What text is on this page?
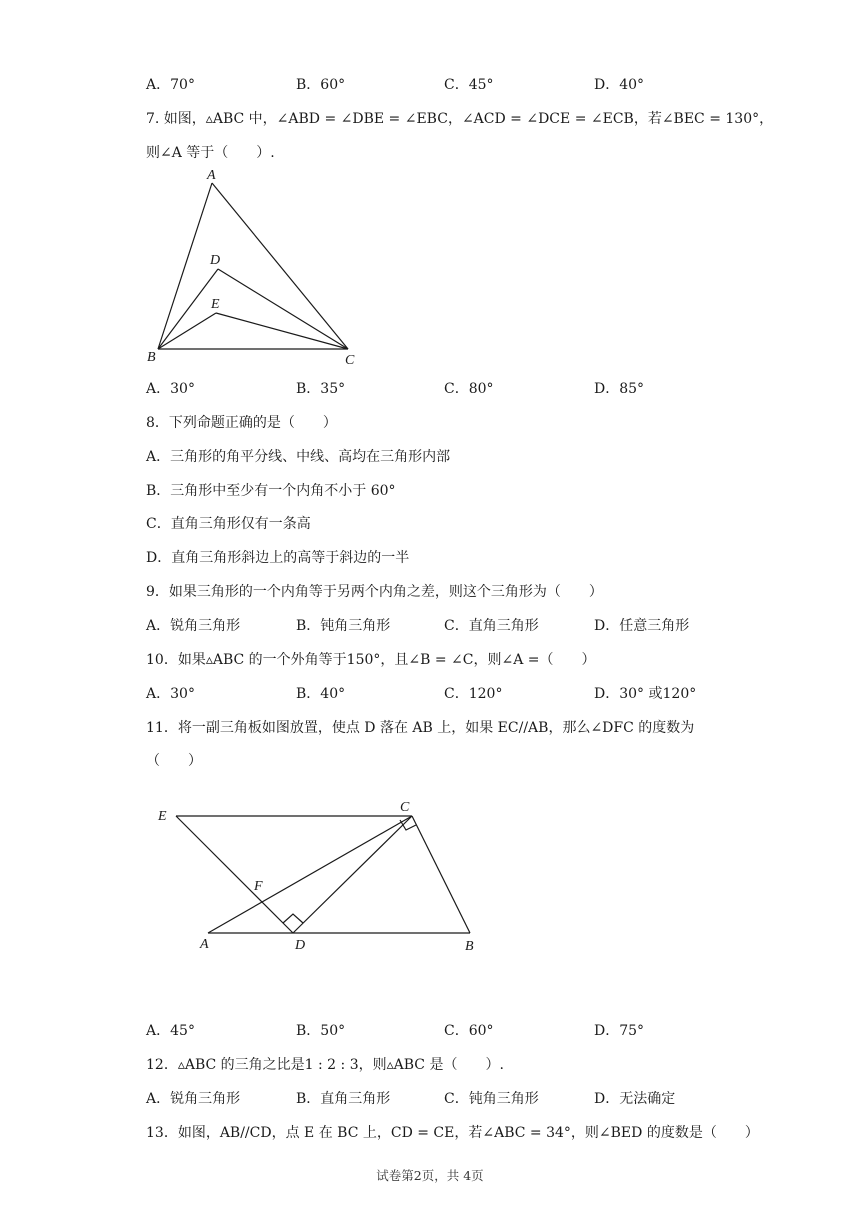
A．70°	B．60°	C．45°	D．40°
7. 如图，▵ABC 中，∠ABD = ∠DBE = ∠EBC，∠ACD = ∠DCE = ∠ECB，若∠BEC = 130°，
则∠A 等于（　　）.
A
D
E
B	C
A．30°	B．35°	C．80°	D．85°
8．下列命题正确的是（　　）
A．三角形的角平分线、中线、高均在三角形内部
B．三角形中至少有一个内角不小于 60°
C．直角三角形仅有一条高
D．直角三角形斜边上的高等于斜边的一半
9．如果三角形的一个内角等于另两个内角之差，则这个三角形为（　　）
A．锐角三角形	B．钝角三角形	C．直角三角形	D．任意三角形
10．如果▵ABC 的一个外角等于150°，且∠B = ∠C，则∠A =（　　）
A．30°	B．40°	C．120°	D．30° 或120°
11．将一副三角板如图放置，使点 D 落在 AB 上，如果 EC//AB，那么∠DFC 的度数为
（　　）
E
C
F
A	D	B
A．45°	B．50°	C．60°	D．75°
12．▵ABC 的三角之比是1 : 2 : 3，则▵ABC 是（　　）.
A．锐角三角形	B．直角三角形	C．钝角三角形	D．无法确定
13．如图，AB//CD，点 E 在 BC 上，CD = CE，若∠ABC = 34°，则∠BED 的度数是（　　）
试卷第2页，共 4页
